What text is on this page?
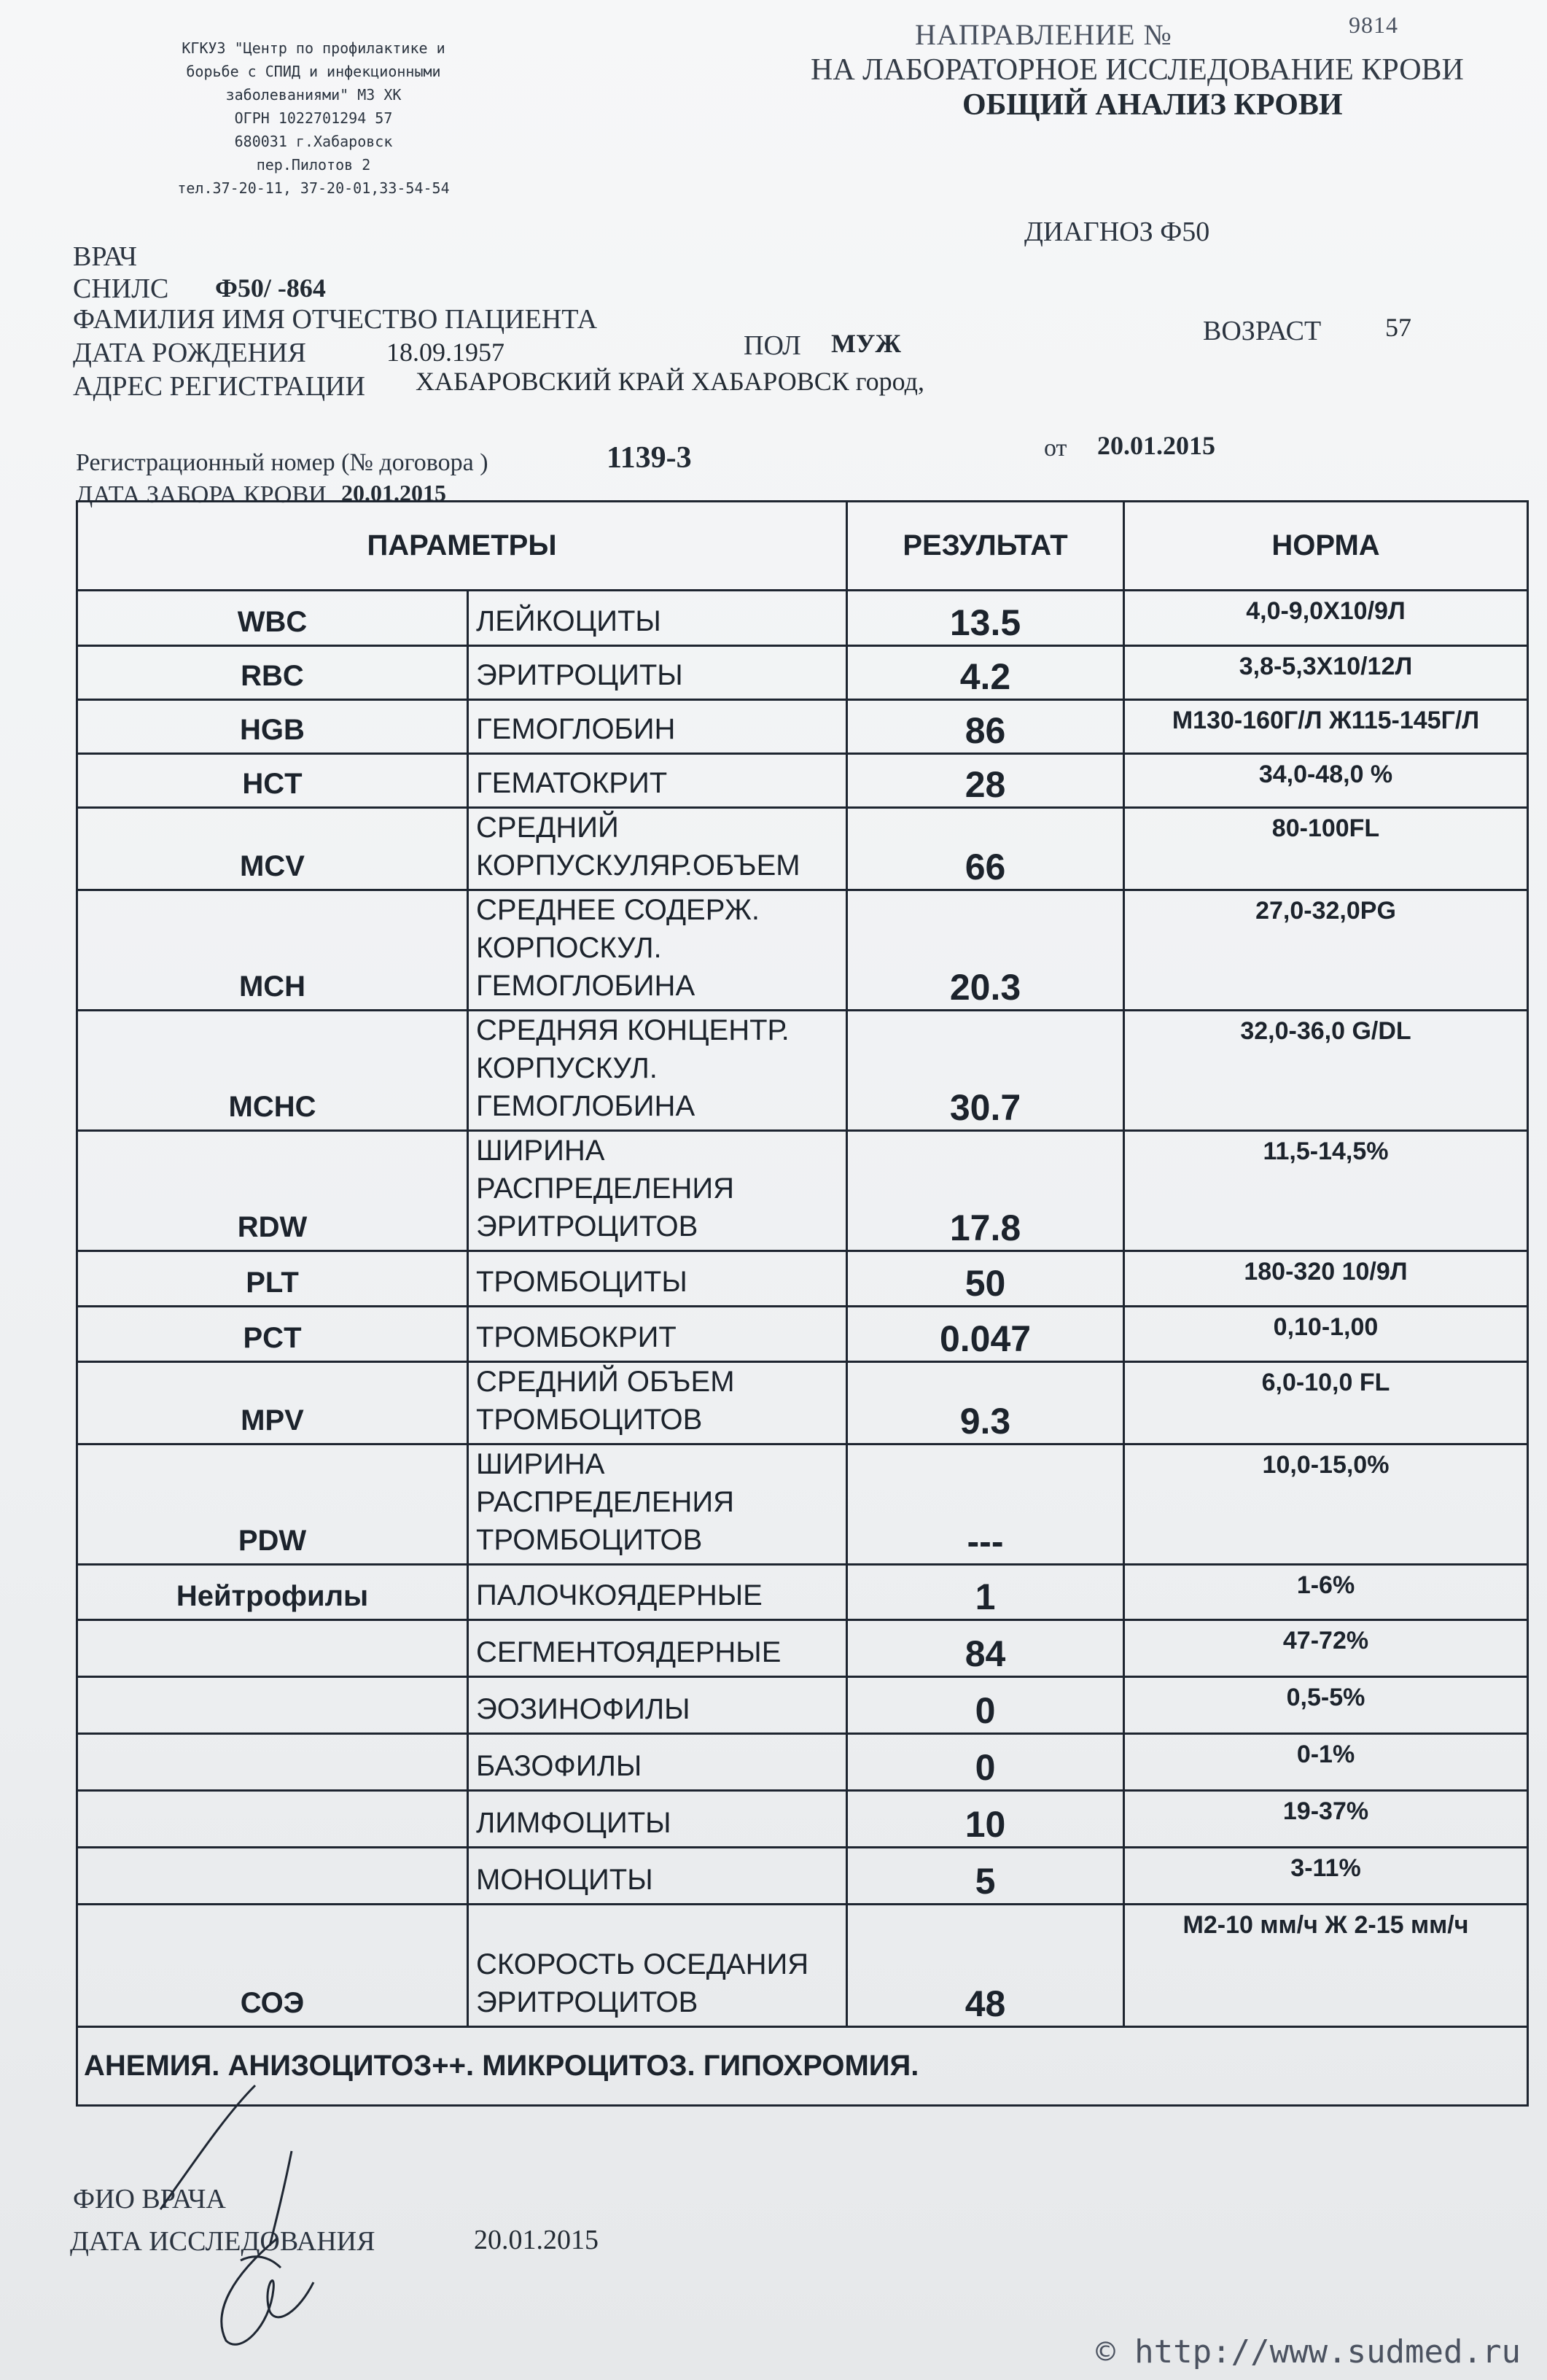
КГКУЗ "Центр по профилактике и
борьбе с СПИД и инфекционными
заболеваниями" МЗ ХК
ОГРН 1022701294 57
680031 г.Хабаровск
пер.Пилотов 2
тел.37-20-11, 37-20-01,33-54-54
НАПРАВЛЕНИЕ №	9814
НА ЛАБОРАТОРНОЕ ИССЛЕДОВАНИЕ КРОВИ
ОБЩИЙ АНАЛИЗ КРОВИ
ДИАГНОЗ Ф50
ВРАЧ
СНИЛС Ф50/ -864
ФАМИЛИЯ ИМЯ ОТЧЕСТВО ПАЦИЕНТА
ДАТА РОЖДЕНИЯ	18.09.1957	ПОЛ МУЖ	ВОЗРАСТ 57
АДРЕС РЕГИСТРАЦИИ ХАБАРОВСКИЙ КРАЙ ХАБАРОВСК город,
Регистрационный номер (№ договора )	1139-3	от 20.01.2015
ДАТА ЗАБОРА КРОВИ 20.01.2015
ПАРАМЕТРЫ		РЕЗУЛЬТАТ	НОРМА
WBC	ЛЕЙКОЦИТЫ	13.5	4,0-9,0Х10/9Л
RBC	ЭРИТРОЦИТЫ	4.2	3,8-5,3Х10/12Л
HGB	ГЕМОГЛОБИН	86	М130-160Г/Л Ж115-145Г/Л
HCT	ГЕМАТОКРИТ	28	34,0-48,0 %
MCV	СРЕДНИЙ КОРПУСКУЛЯР.ОБЪЕМ	66	80-100FL
MCH	СРЕДНЕЕ СОДЕРЖ. КОРПОСКУЛ. ГЕМОГЛОБИНА	20.3	27,0-32,0PG
MCHC	СРЕДНЯЯ КОНЦЕНТР. КОРПУСКУЛ. ГЕМОГЛОБИНА	30.7	32,0-36,0 G/DL
RDW	ШИРИНА РАСПРЕДЕЛЕНИЯ ЭРИТРОЦИТОВ	17.8	11,5-14,5%
PLT	ТРОМБОЦИТЫ	50	180-320 10/9Л
PCT	ТРОМБОКРИТ	0.047	0,10-1,00
MPV	СРЕДНИЙ ОБЪЕМ ТРОМБОЦИТОВ	9.3	6,0-10,0 FL
PDW	ШИРИНА РАСПРЕДЕЛЕНИЯ ТРОМБОЦИТОВ	---	10,0-15,0%
Нейтрофилы	ПАЛОЧКОЯДЕРНЫЕ	1	1-6%
	СЕГМЕНТОЯДЕРНЫЕ	84	47-72%
	ЭОЗИНОФИЛЫ	0	0,5-5%
	БАЗОФИЛЫ	0	0-1%
	ЛИМФОЦИТЫ	10	19-37%
	МОНОЦИТЫ	5	3-11%
СОЭ	СКОРОСТЬ ОСЕДАНИЯ ЭРИТРОЦИТОВ	48	М2-10 мм/ч Ж 2-15 мм/ч
АНЕМИЯ. АНИЗОЦИТОЗ++. МИКРОЦИТОЗ. ГИПОХРОМИЯ.			
ФИО ВРАЧА
ДАТА ИССЛЕДОВАНИЯ	20.01.2015
© http://www.sudmed.ru
